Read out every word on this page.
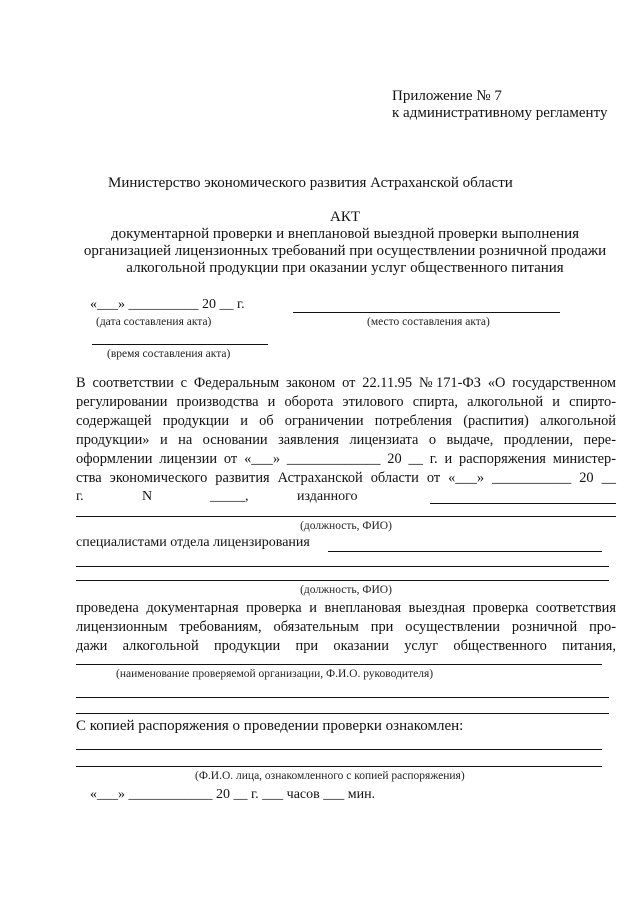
Приложение № 7
к административному регламенту
Министерство экономического развития Астраханской области
АКТ
документарной проверки и внеплановой выездной проверки выполнения
организацией лицензионных требований при осуществлении розничной продажи
алкогольной продукции при оказании услуг общественного питания
«___» __________ 20 __ г.
(дата составления акта)	(место составления акта)
(время составления акта)
В соответствии с Федеральным законом от 22.11.95 №171-ФЗ «О государственном
регулировании производства и оборота этилового спирта, алкогольной и спирто-
содержащей продукции и об ограничении потребления (распития) алкогольной
продукции» и на основании заявления лицензиата о выдаче, продлении, пере-
оформлении лицензии от «___» _____________ 20 __ г. и распоряжения министер-
ства экономического развития Астраханской области от «___» ___________ 20 __
г.	N	_____,	изданного
(должность, ФИО)
специалистами отдела лицензирования
(должность, ФИО)
проведена документарная проверка и внеплановая выездная проверка соответствия
лицензионным требованиям, обязательным при осуществлении розничной про-
дажи алкогольной продукции при оказании услуг общественного питания,
(наименование проверяемой организации, Ф.И.О. руководителя)
С копией распоряжения о проведении проверки ознакомлен:
(Ф.И.О. лица, ознакомленного с копией распоряжения)
«___» ____________ 20 __ г. ___ часов ___ мин.
